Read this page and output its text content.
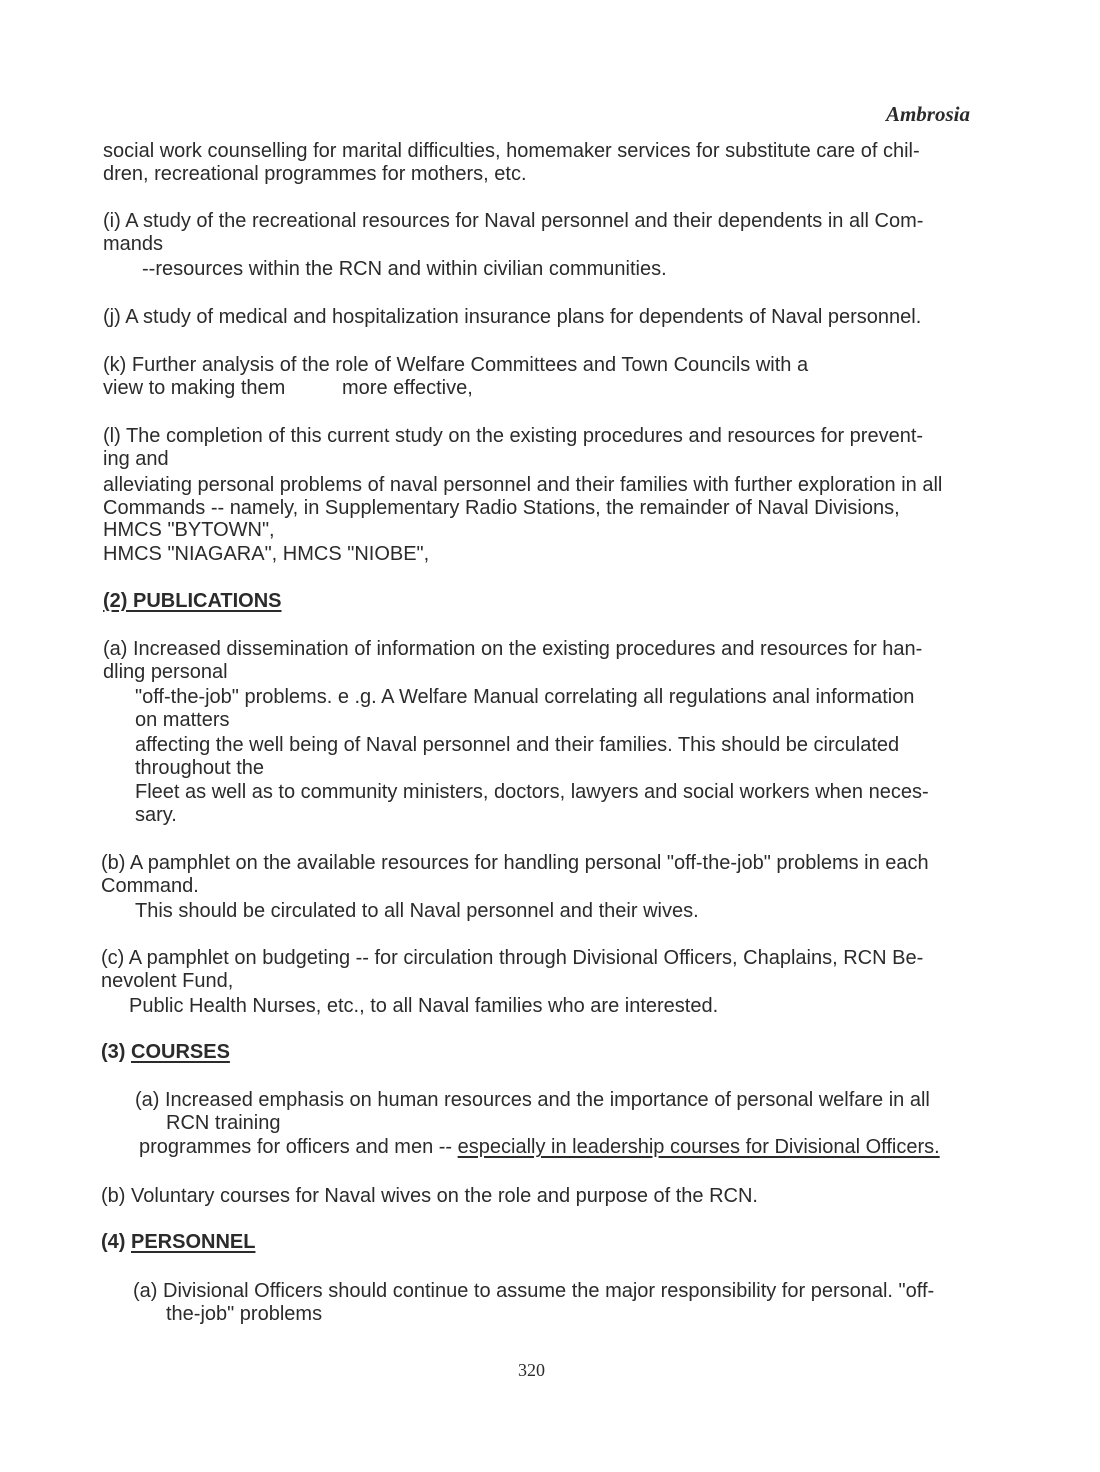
Ambrosia
social work counselling for marital difficulties, homemaker services for substitute care of chil-
dren, recreational programmes for mothers, etc.
(i) A study of the recreational resources for Naval personnel and their dependents in all Com-
mands
--resources within the RCN and within civilian communities.
(j) A study of medical and hospitalization insurance plans for dependents of Naval personnel.
(k) Further analysis of the role of Welfare Committees and Town Councils with a
view to making them	more effective,
(l) The completion of this current study on the existing procedures and resources for prevent-
ing and
alleviating personal problems of naval personnel and their families with further exploration in all
Commands -- namely, in Supplementary Radio Stations, the remainder of Naval Divisions,
HMCS "BYTOWN",
HMCS "NIAGARA", HMCS "NIOBE",
(2) PUBLICATIONS
(a) Increased dissemination of information on the existing procedures and resources for han-
dling personal
"off-the-job" problems. e .g. A Welfare Manual correlating all regulations anal information
on matters
affecting the well being of Naval personnel and their families. This should be circulated
throughout the
Fleet as well as to community ministers, doctors, lawyers and social workers when neces-
sary.
(b) A pamphlet on the available resources for handling personal "off-the-job" problems in each
Command.
This should be circulated to all Naval personnel and their wives.
(c) A pamphlet on budgeting -- for circulation through Divisional Officers, Chaplains, RCN Be-
nevolent Fund,
Public Health Nurses, etc., to all Naval families who are interested.
(3) COURSES
(a) Increased emphasis on human resources and the importance of personal welfare in all
RCN training
programmes for officers and men -- especially in leadership courses for Divisional Officers.
(b) Voluntary courses for Naval wives on the role and purpose of the RCN.
(4) PERSONNEL
(a) Divisional Officers should continue to assume the major responsibility for personal. "off-
the-job" problems
320
